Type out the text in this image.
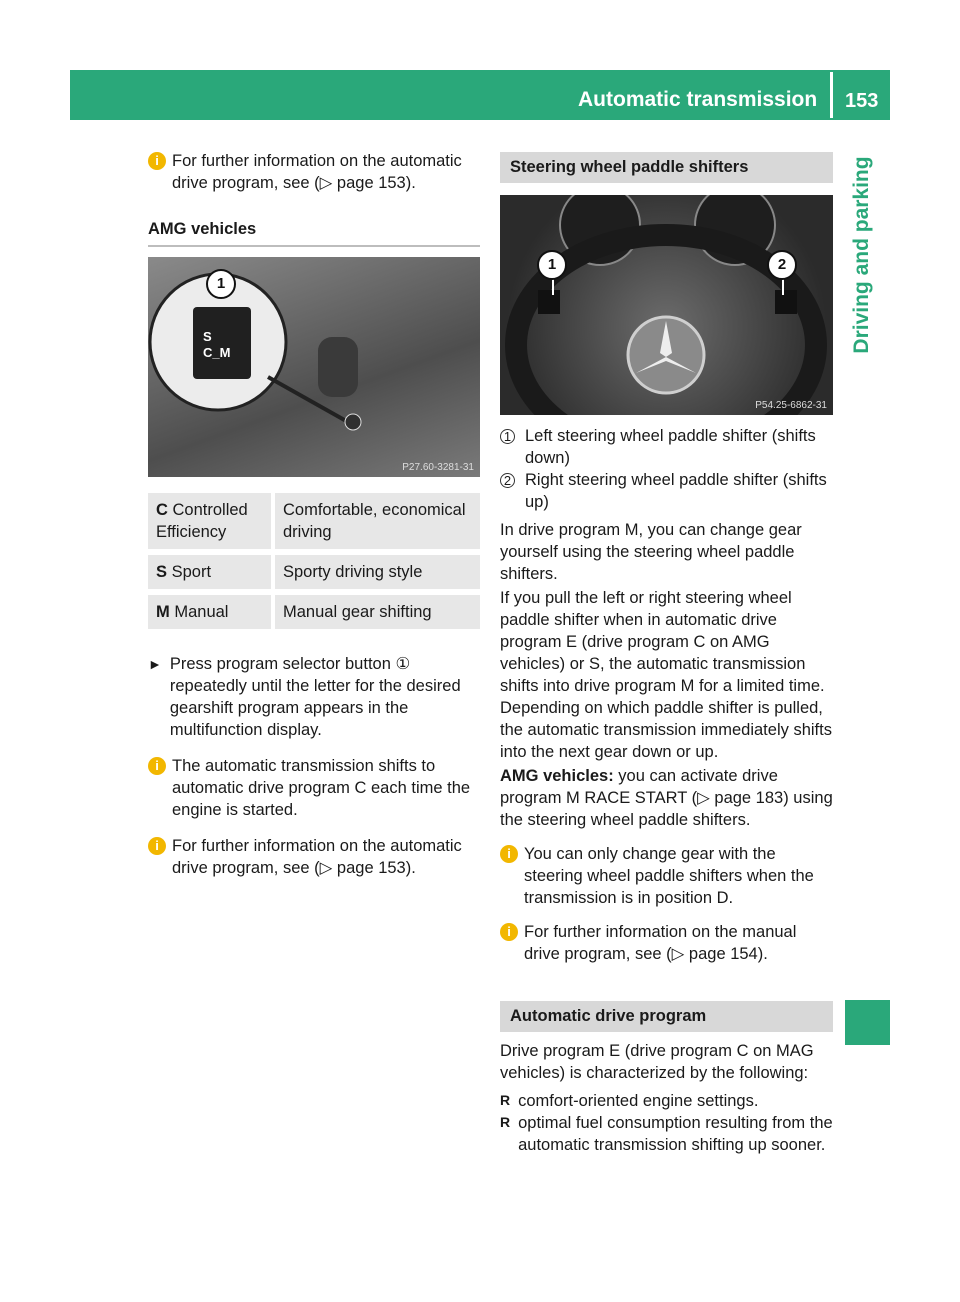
Automatic transmission 153
Driving and parking
i For further information on the automatic drive program, see (▷ page 153).

AMG vehicles
1
S
C_M
P27.60-3281-31
C Controlled Efficiency	Comfortable, economical driving
S Sport	Sporty driving style
M Manual	Manual gear shifting
► Press program selector button ① repeatedly until the letter for the desired gearshift program appears in the multifunction display.

i The automatic transmission shifts to automatic drive program C each time the engine is started.

i For further information on the automatic drive program, see (▷ page 153).

Steering wheel paddle shifters
1	2
P54.25-6862-31
1 Left steering wheel paddle shifter (shifts down)

2 Right steering wheel paddle shifter (shifts up)

In drive program M, you can change gear yourself using the steering wheel paddle shifters.

If you pull the left or right steering wheel paddle shifter when in automatic drive program E (drive program C on AMG vehicles) or S, the automatic transmission shifts into drive program M for a limited time. Depending on which paddle shifter is pulled, the automatic transmission immediately shifts into the next gear down or up.

AMG vehicles: you can activate drive program M RACE START (▷ page 183) using the steering wheel paddle shifters.

i You can only change gear with the steering wheel paddle shifters when the transmission is in position D.

i For further information on the manual drive program, see (▷ page 154).

Automatic drive program

Drive program E (drive program C on MAG vehicles) is characterized by the following:

R comfort-oriented engine settings.

R optimal fuel consumption resulting from the automatic transmission shifting up sooner.
